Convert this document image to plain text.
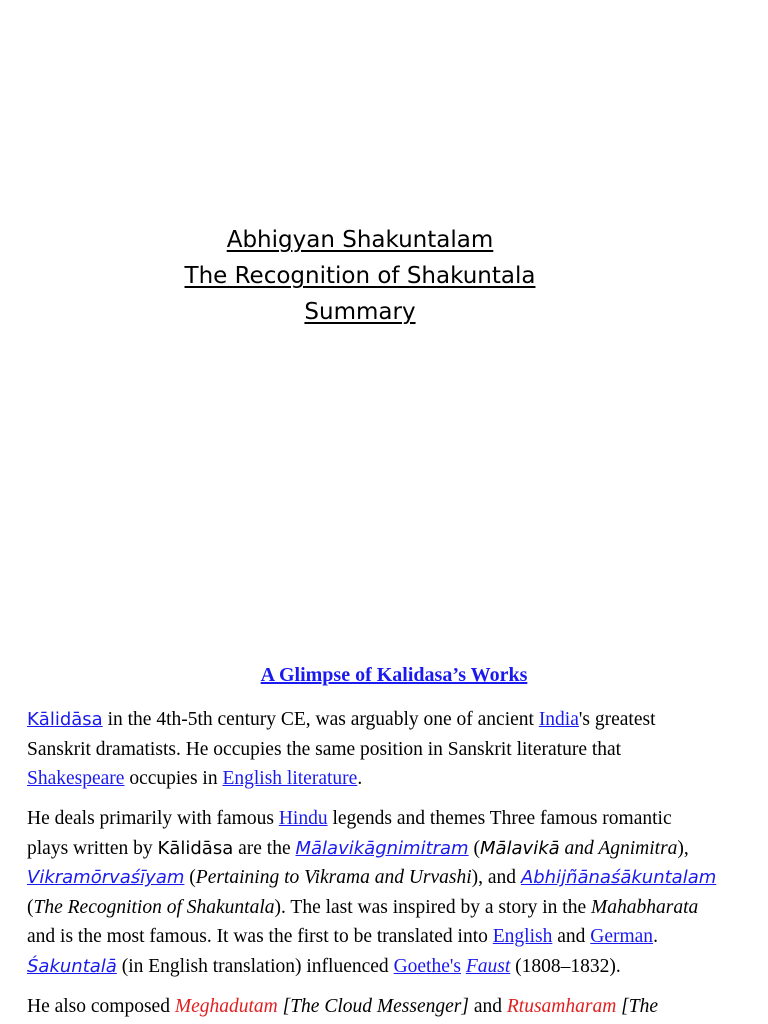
Abhigyan Shakuntalam
The Recognition of Shakuntala
Summary
A Glimpse of Kalidasa’s Works
Kālidāsa in the 4th-5th century CE, was arguably one of ancient India's greatest
Sanskrit dramatists. He occupies the same position in Sanskrit literature that
Shakespeare occupies in English literature.
He deals primarily with famous Hindu legends and themes Three famous romantic
plays written by Kālidāsa are the Mālavikāgnimitram (Mālavikā and Agnimitra),
Vikramōrvaśīyam (Pertaining to Vikrama and Urvashi), and Abhijñānaśākuntalam
(The Recognition of Shakuntala). The last was inspired by a story in the Mahabharata
and is the most famous. It was the first to be translated into English and German.
Śakuntalā (in English translation) influenced Goethe's Faust (1808–1832).
He also composed Meghadutam [The Cloud Messenger] and Rtusamharam [The
